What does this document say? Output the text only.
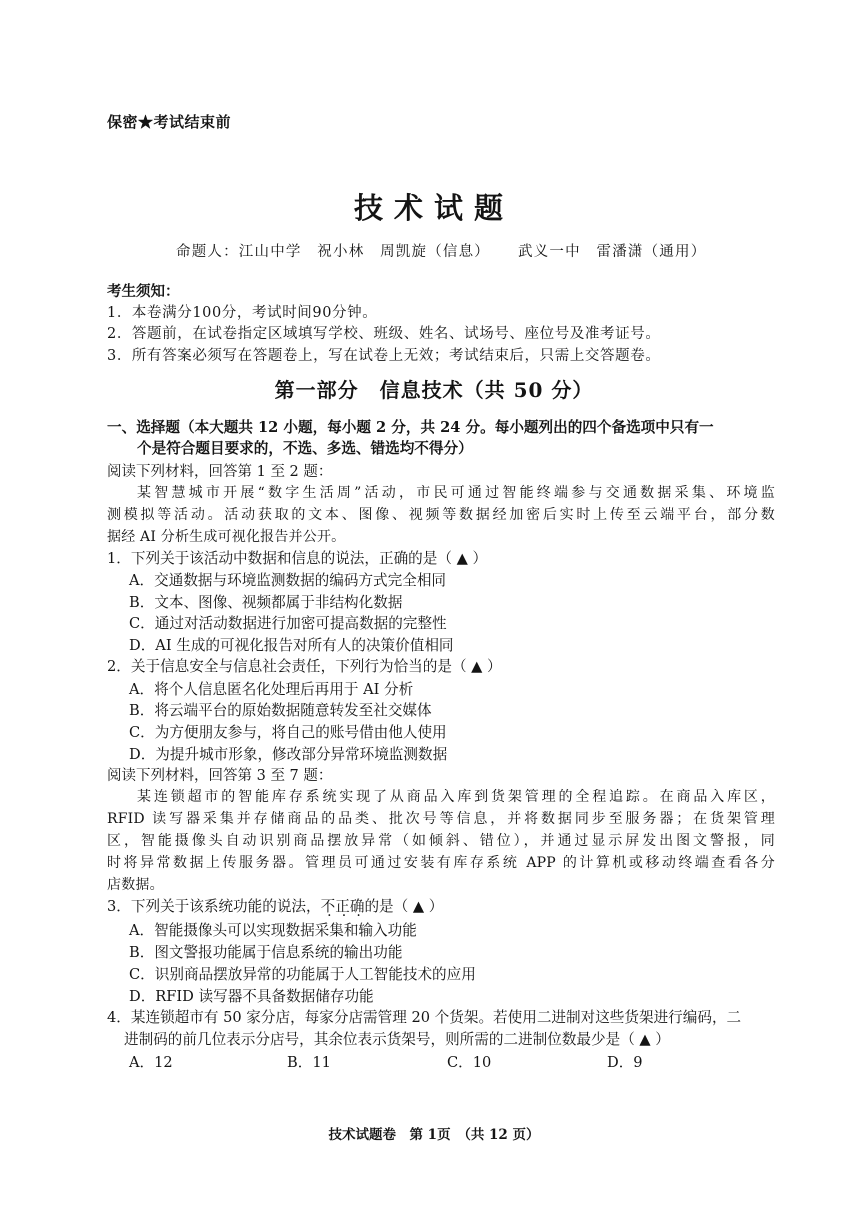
保密★考试结束前
技术试题
命题人：江山中学　祝小林　周凯旋（信息） 武义一中　雷潘潇（通用）
考生须知：
1．本卷满分100分，考试时间90分钟。
2．答题前，在试卷指定区域填写学校、班级、姓名、试场号、座位号及准考证号。
3．所有答案必须写在答题卷上，写在试卷上无效；考试结束后，只需上交答题卷。
第一部分　信息技术（共 50 分）
一、选择题（本大题共 12 小题，每小题 2 分，共 24 分。每小题列出的四个备选项中只有一
个是符合题目要求的，不选、多选、错选均不得分）
阅读下列材料，回答第 1 至 2 题：
某智慧城市开展“数字生活周”活动，市民可通过智能终端参与交通数据采集、环境监
测模拟等活动。活动获取的文本、图像、视频等数据经加密后实时上传至云端平台，部分数
据经 AI 分析生成可视化报告并公开。
1．下列关于该活动中数据和信息的说法，正确的是（ ▲ ）
A．交通数据与环境监测数据的编码方式完全相同
B．文本、图像、视频都属于非结构化数据
C．通过对活动数据进行加密可提高数据的完整性
D．AI 生成的可视化报告对所有人的决策价值相同
2．关于信息安全与信息社会责任，下列行为恰当的是（ ▲ ）
A．将个人信息匿名化处理后再用于 AI 分析
B．将云端平台的原始数据随意转发至社交媒体
C．为方便朋友参与，将自己的账号借由他人使用
D．为提升城市形象，修改部分异常环境监测数据
阅读下列材料，回答第 3 至 7 题：
某连锁超市的智能库存系统实现了从商品入库到货架管理的全程追踪。在商品入库区，
RFID 读写器采集并存储商品的品类、批次号等信息，并将数据同步至服务器；在货架管理
区，智能摄像头自动识别商品摆放异常（如倾斜、错位），并通过显示屏发出图文警报，同
时将异常数据上传服务器。管理员可通过安装有库存系统 APP 的计算机或移动终端查看各分
店数据。
3．下列关于该系统功能的说法，不正确的是（ ▲ ）
A．智能摄像头可以实现数据采集和输入功能
B．图文警报功能属于信息系统的输出功能
C．识别商品摆放异常的功能属于人工智能技术的应用
D．RFID 读写器不具备数据储存功能
4．某连锁超市有 50 家分店，每家分店需管理 20 个货架。若使用二进制对这些货架进行编码，二
进制码的前几位表示分店号，其余位表示货架号，则所需的二进制位数最少是（ ▲ ）
A．12	B．11	C．10	D．9
技术试题卷　第 1页　（共 12 页）
